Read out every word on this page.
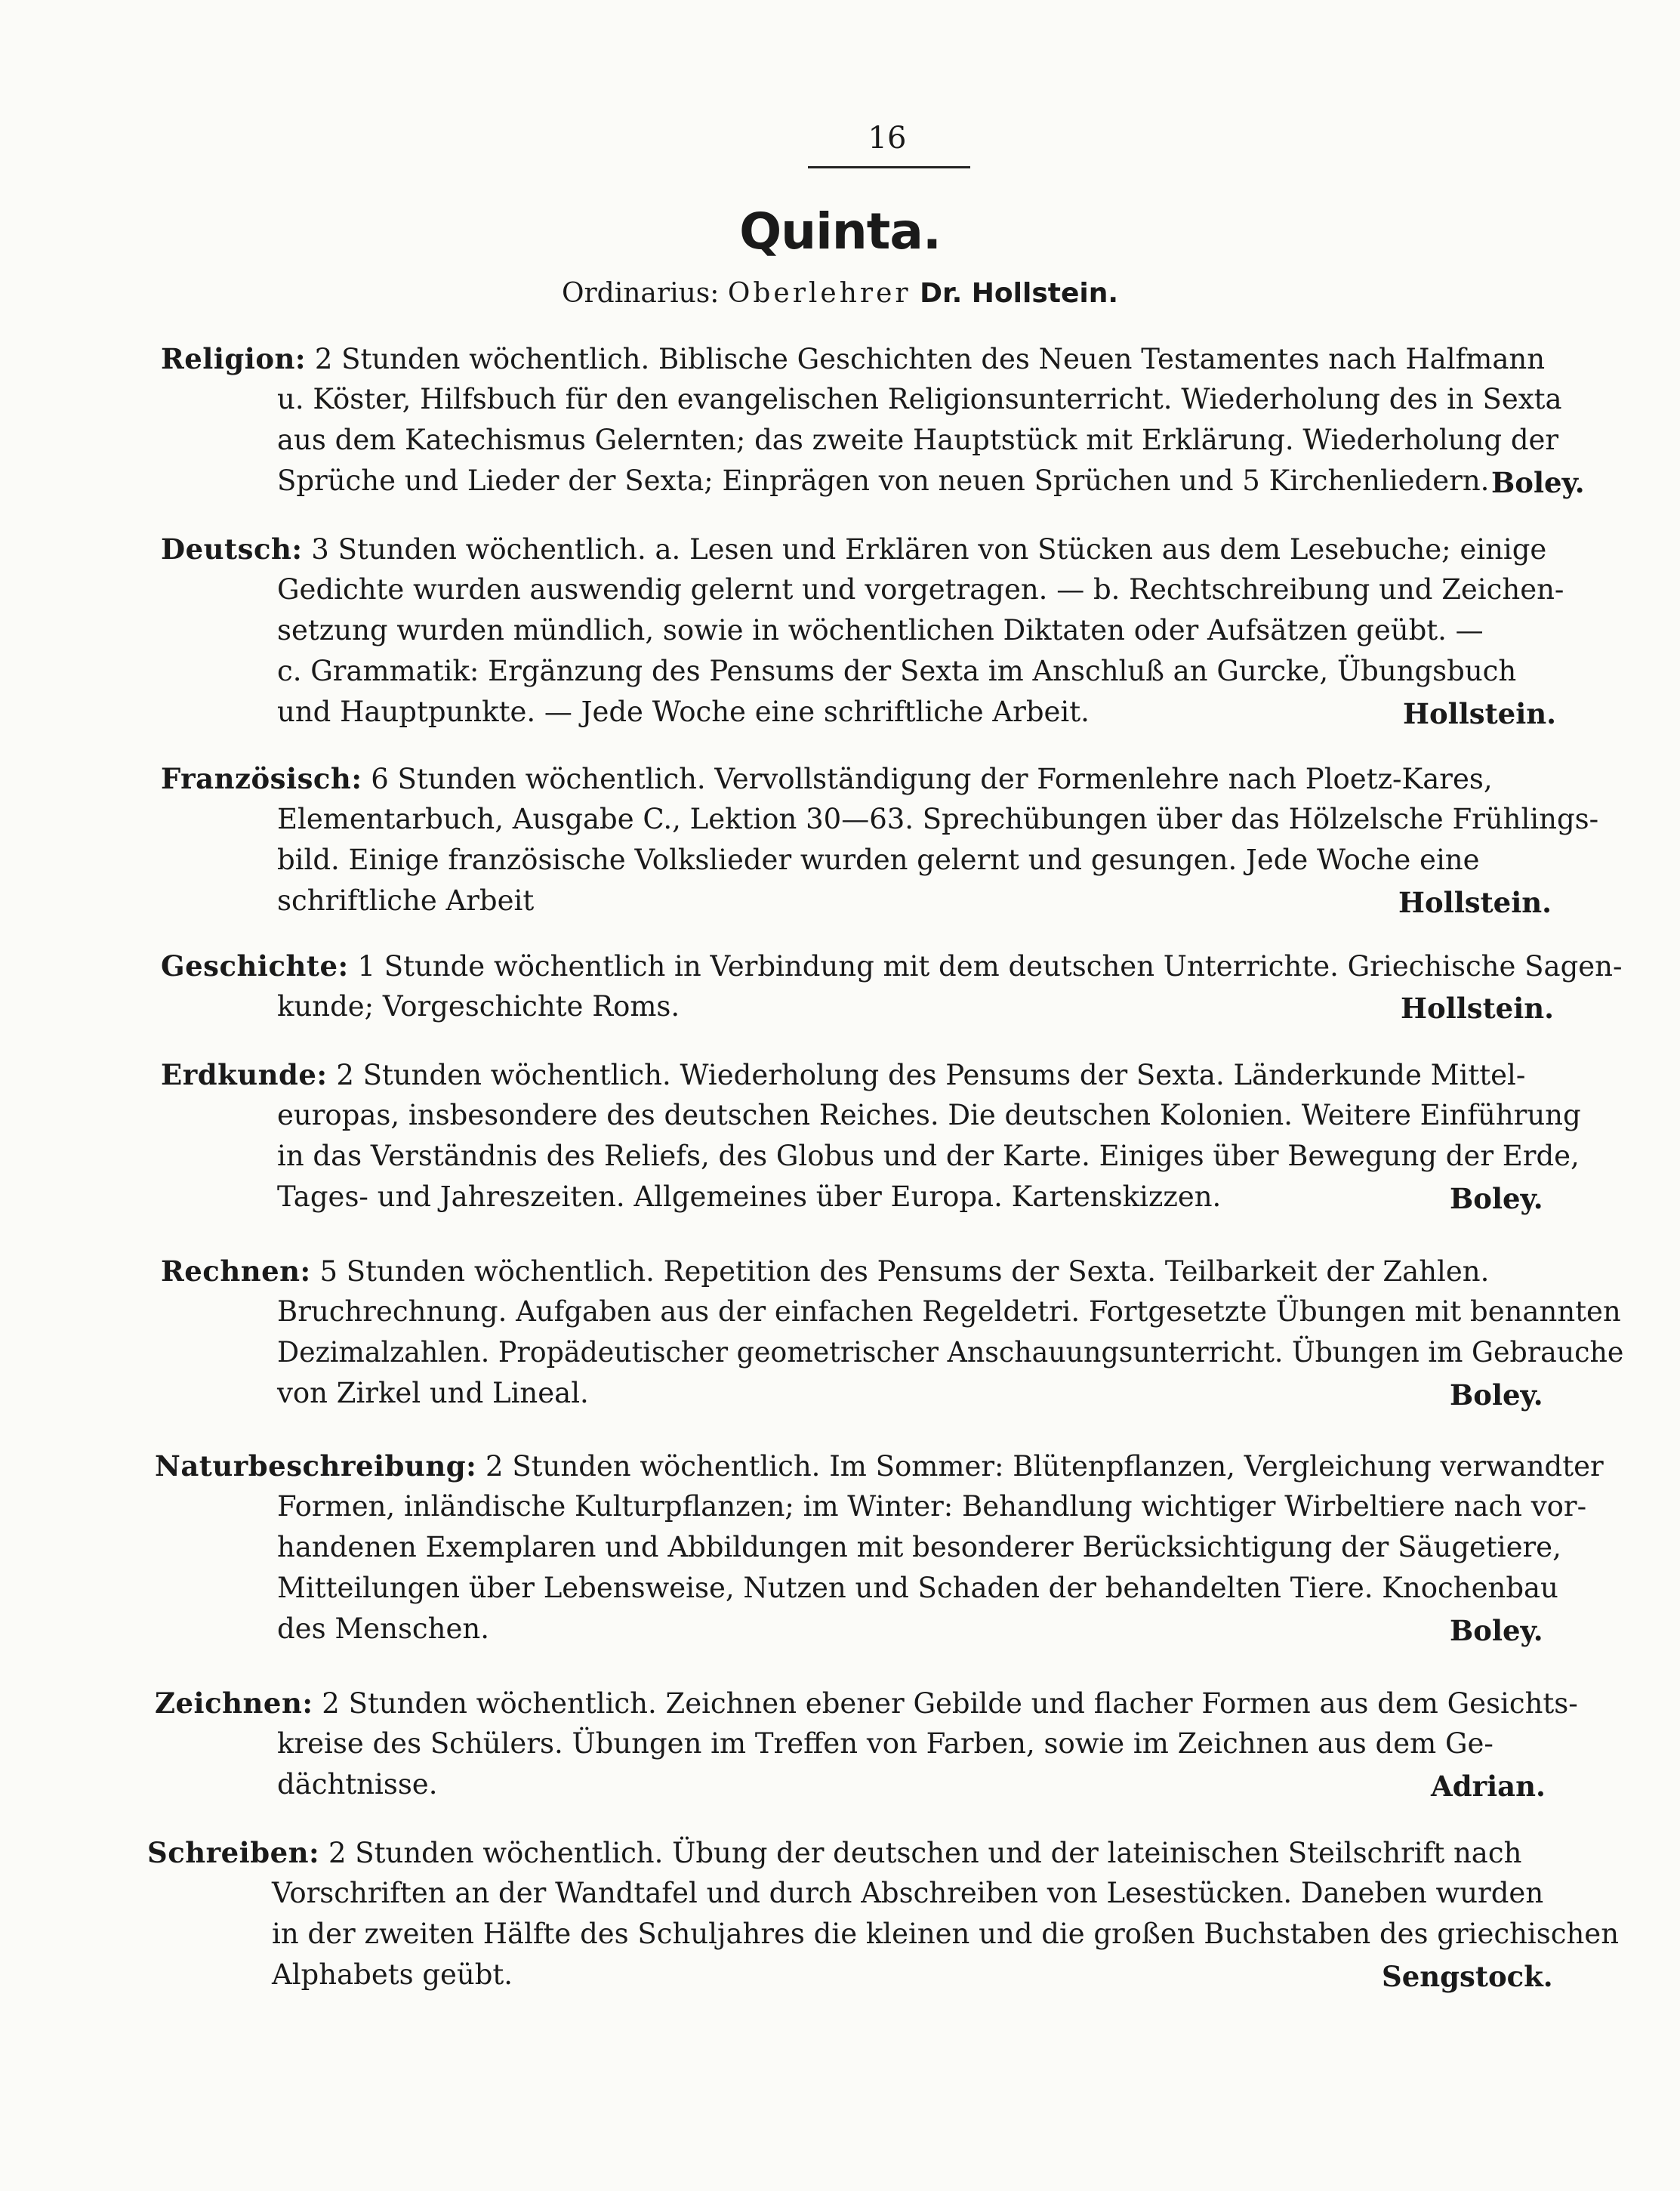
16
Quinta.
Ordinarius: Oberlehrer Dr. Hollstein.
Religion: 2 Stunden wöchentlich. Biblische Geschichten des Neuen Testamentes nach Halfmann
u. Köster, Hilfsbuch für den evangelischen Religionsunterricht. Wiederholung des in Sexta
aus dem Katechismus Gelernten; das zweite Hauptstück mit Erklärung. Wiederholung der
Sprüche und Lieder der Sexta; Einprägen von neuen Sprüchen und 5 Kirchenliedern. Boley.
Deutsch: 3 Stunden wöchentlich. a. Lesen und Erklären von Stücken aus dem Lesebuche; einige
Gedichte wurden auswendig gelernt und vorgetragen. — b. Rechtschreibung und Zeichen-
setzung wurden mündlich, sowie in wöchentlichen Diktaten oder Aufsätzen geübt. —
c. Grammatik: Ergänzung des Pensums der Sexta im Anschluß an Gurcke, Übungsbuch
und Hauptpunkte. — Jede Woche eine schriftliche Arbeit.	Hollstein.
Französisch: 6 Stunden wöchentlich. Vervollständigung der Formenlehre nach Ploetz-Kares,
Elementarbuch, Ausgabe C., Lektion 30—63. Sprechübungen über das Hölzelsche Frühlings-
bild. Einige französische Volkslieder wurden gelernt und gesungen. Jede Woche eine
schriftliche Arbeit	Hollstein.
Geschichte: 1 Stunde wöchentlich in Verbindung mit dem deutschen Unterrichte. Griechische Sagen-
kunde; Vorgeschichte Roms.	Hollstein.
Erdkunde: 2 Stunden wöchentlich. Wiederholung des Pensums der Sexta. Länderkunde Mittel-
europas, insbesondere des deutschen Reiches. Die deutschen Kolonien. Weitere Einführung
in das Verständnis des Reliefs, des Globus und der Karte. Einiges über Bewegung der Erde,
Tages- und Jahreszeiten. Allgemeines über Europa. Kartenskizzen.	Boley.
Rechnen: 5 Stunden wöchentlich. Repetition des Pensums der Sexta. Teilbarkeit der Zahlen.
Bruchrechnung. Aufgaben aus der einfachen Regeldetri. Fortgesetzte Übungen mit benannten
Dezimalzahlen. Propädeutischer geometrischer Anschauungsunterricht. Übungen im Gebrauche
von Zirkel und Lineal.	Boley.
Naturbeschreibung: 2 Stunden wöchentlich. Im Sommer: Blütenpflanzen, Vergleichung verwandter
Formen, inländische Kulturpflanzen; im Winter: Behandlung wichtiger Wirbeltiere nach vor-
handenen Exemplaren und Abbildungen mit besonderer Berücksichtigung der Säugetiere,
Mitteilungen über Lebensweise, Nutzen und Schaden der behandelten Tiere. Knochenbau
des Menschen.	Boley.
Zeichnen: 2 Stunden wöchentlich. Zeichnen ebener Gebilde und flacher Formen aus dem Gesichts-
kreise des Schülers. Übungen im Treffen von Farben, sowie im Zeichnen aus dem Ge-
dächtnisse.	Adrian.
Schreiben: 2 Stunden wöchentlich. Übung der deutschen und der lateinischen Steilschrift nach
Vorschriften an der Wandtafel und durch Abschreiben von Lesestücken. Daneben wurden
in der zweiten Hälfte des Schuljahres die kleinen und die großen Buchstaben des griechischen
Alphabets geübt.	Sengstock.
